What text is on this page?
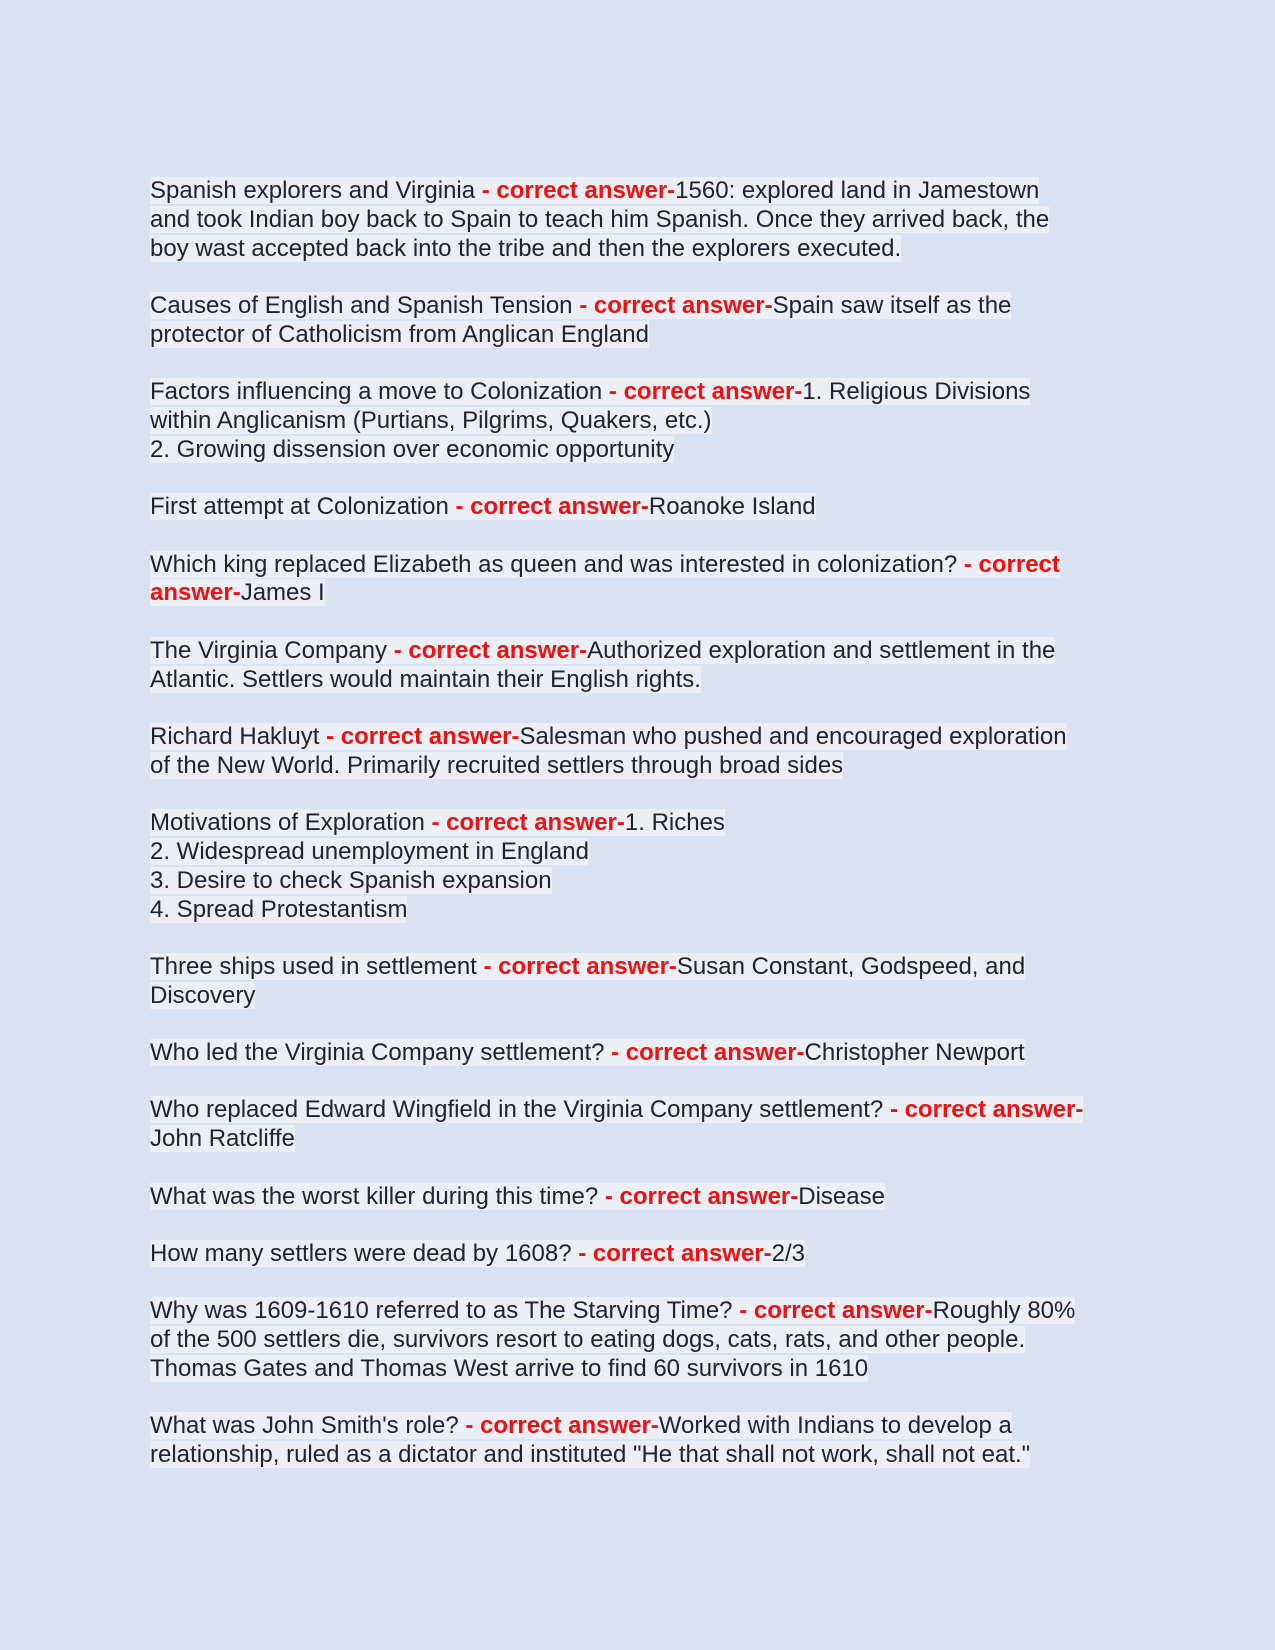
Spanish explorers and Virginia - correct answer-1560: explored land in Jamestown
and took Indian boy back to Spain to teach him Spanish. Once they arrived back, the
boy wast accepted back into the tribe and then the explorers executed.
Causes of English and Spanish Tension - correct answer-Spain saw itself as the
protector of Catholicism from Anglican England
Factors influencing a move to Colonization - correct answer-1. Religious Divisions
within Anglicanism (Purtians, Pilgrims, Quakers, etc.)
2. Growing dissension over economic opportunity
First attempt at Colonization - correct answer-Roanoke Island
Which king replaced Elizabeth as queen and was interested in colonization? - correct
answer-James I
The Virginia Company - correct answer-Authorized exploration and settlement in the
Atlantic. Settlers would maintain their English rights.
Richard Hakluyt - correct answer-Salesman who pushed and encouraged exploration
of the New World. Primarily recruited settlers through broad sides
Motivations of Exploration - correct answer-1. Riches
2. Widespread unemployment in England
3. Desire to check Spanish expansion
4. Spread Protestantism
Three ships used in settlement - correct answer-Susan Constant, Godspeed, and
Discovery
Who led the Virginia Company settlement? - correct answer-Christopher Newport
Who replaced Edward Wingfield in the Virginia Company settlement? - correct answer-
John Ratcliffe
What was the worst killer during this time? - correct answer-Disease
How many settlers were dead by 1608? - correct answer-2/3
Why was 1609-1610 referred to as The Starving Time? - correct answer-Roughly 80%
of the 500 settlers die, survivors resort to eating dogs, cats, rats, and other people.
Thomas Gates and Thomas West arrive to find 60 survivors in 1610
What was John Smith's role? - correct answer-Worked with Indians to develop a
relationship, ruled as a dictator and instituted "He that shall not work, shall not eat."
